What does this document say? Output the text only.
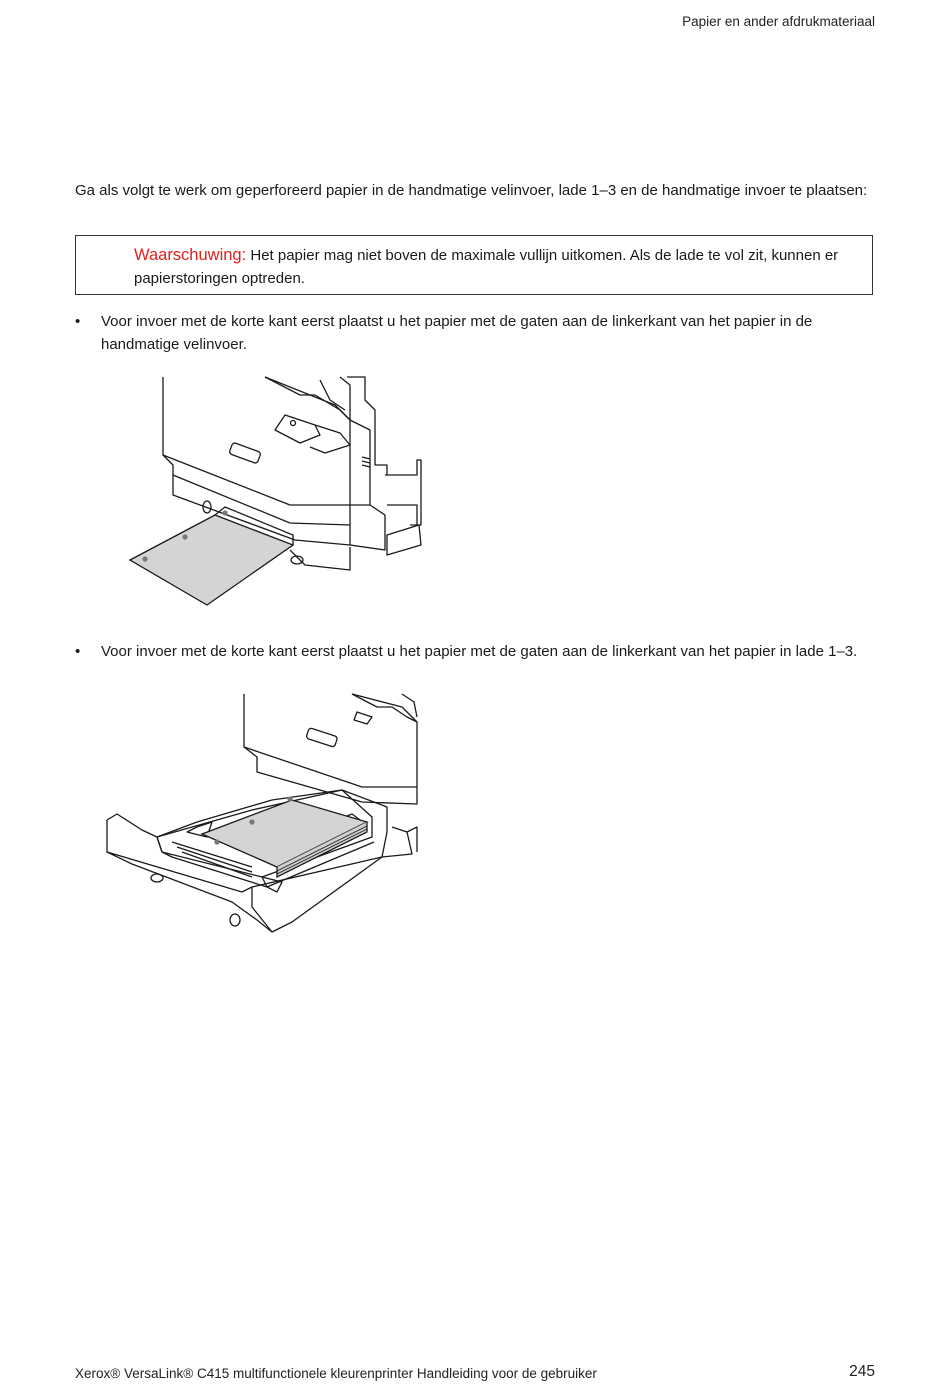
Papier en ander afdrukmateriaal
Ga als volgt te werk om geperforeerd papier in de handmatige velinvoer, lade 1–3 en de handmatige invoer te plaatsen:
Waarschuwing: Het papier mag niet boven de maximale vullijn uitkomen. Als de lade te vol zit, kunnen er papierstoringen optreden.
•	Voor invoer met de korte kant eerst plaatst u het papier met de gaten aan de linkerkant van het papier in de handmatige velinvoer.
•	Voor invoer met de korte kant eerst plaatst u het papier met de gaten aan de linkerkant van het papier in lade 1–3.
Xerox® VersaLink® C415 multifunctionele kleurenprinter Handleiding voor de gebruiker	245
